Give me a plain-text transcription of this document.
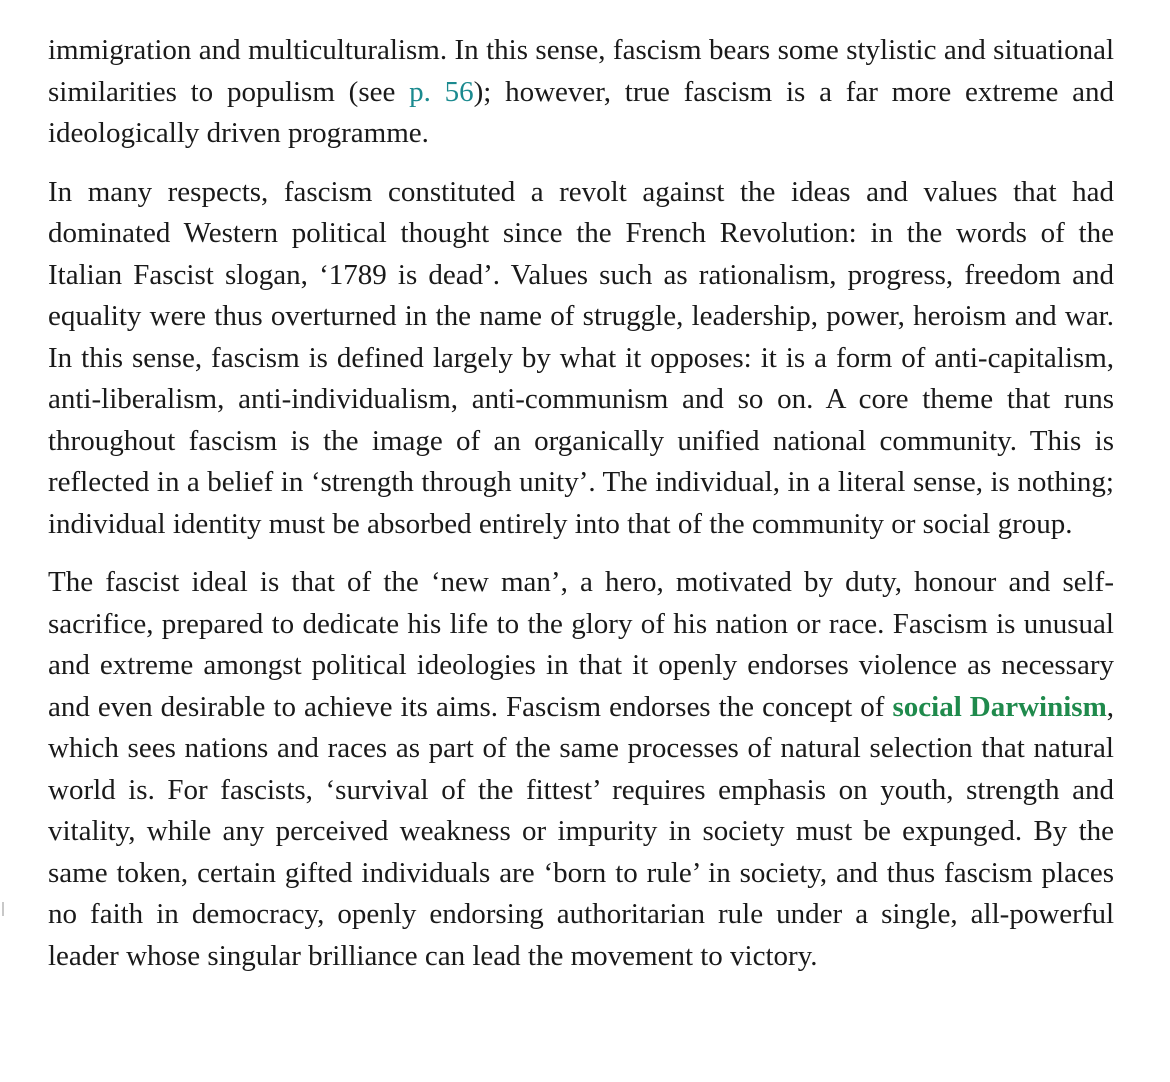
immigration and multiculturalism. In this sense, fascism bears some stylistic and situational similarities to populism (see p. 56); however, true fascism is a far more extreme and ideologically driven programme.

In many respects, fascism constituted a revolt against the ideas and values that had dominated Western political thought since the French Revolution: in the words of the Italian Fascist slogan, ‘1789 is dead’. Values such as rationalism, progress, freedom and equality were thus overturned in the name of struggle, leadership, power, heroism and war. In this sense, fascism is defined largely by what it opposes: it is a form of anti-capitalism, anti-liberalism, anti-individualism, anti-communism and so on. A core theme that runs throughout fascism is the image of an organically unified national community. This is reflected in a belief in ‘strength through unity’. The individual, in a literal sense, is nothing; individual identity must be absorbed entirely into that of the community or social group.

The fascist ideal is that of the ‘new man’, a hero, motivated by duty, honour and self-sacrifice, prepared to dedicate his life to the glory of his nation or race. Fascism is unusual and extreme amongst political ideologies in that it openly endorses violence as necessary and even desirable to achieve its aims. Fascism endorses the concept of social Darwinism, which sees nations and races as part of the same processes of natural selection that natural world is. For fascists, ‘survival of the fittest’ requires emphasis on youth, strength and vitality, while any perceived weakness or impurity in society must be expunged. By the same token, certain gifted individuals are ‘born to rule’ in society, and thus fascism places no faith in democracy, openly endorsing authoritarian rule under a single, all-powerful leader whose singular brilliance can lead the movement to victory.
